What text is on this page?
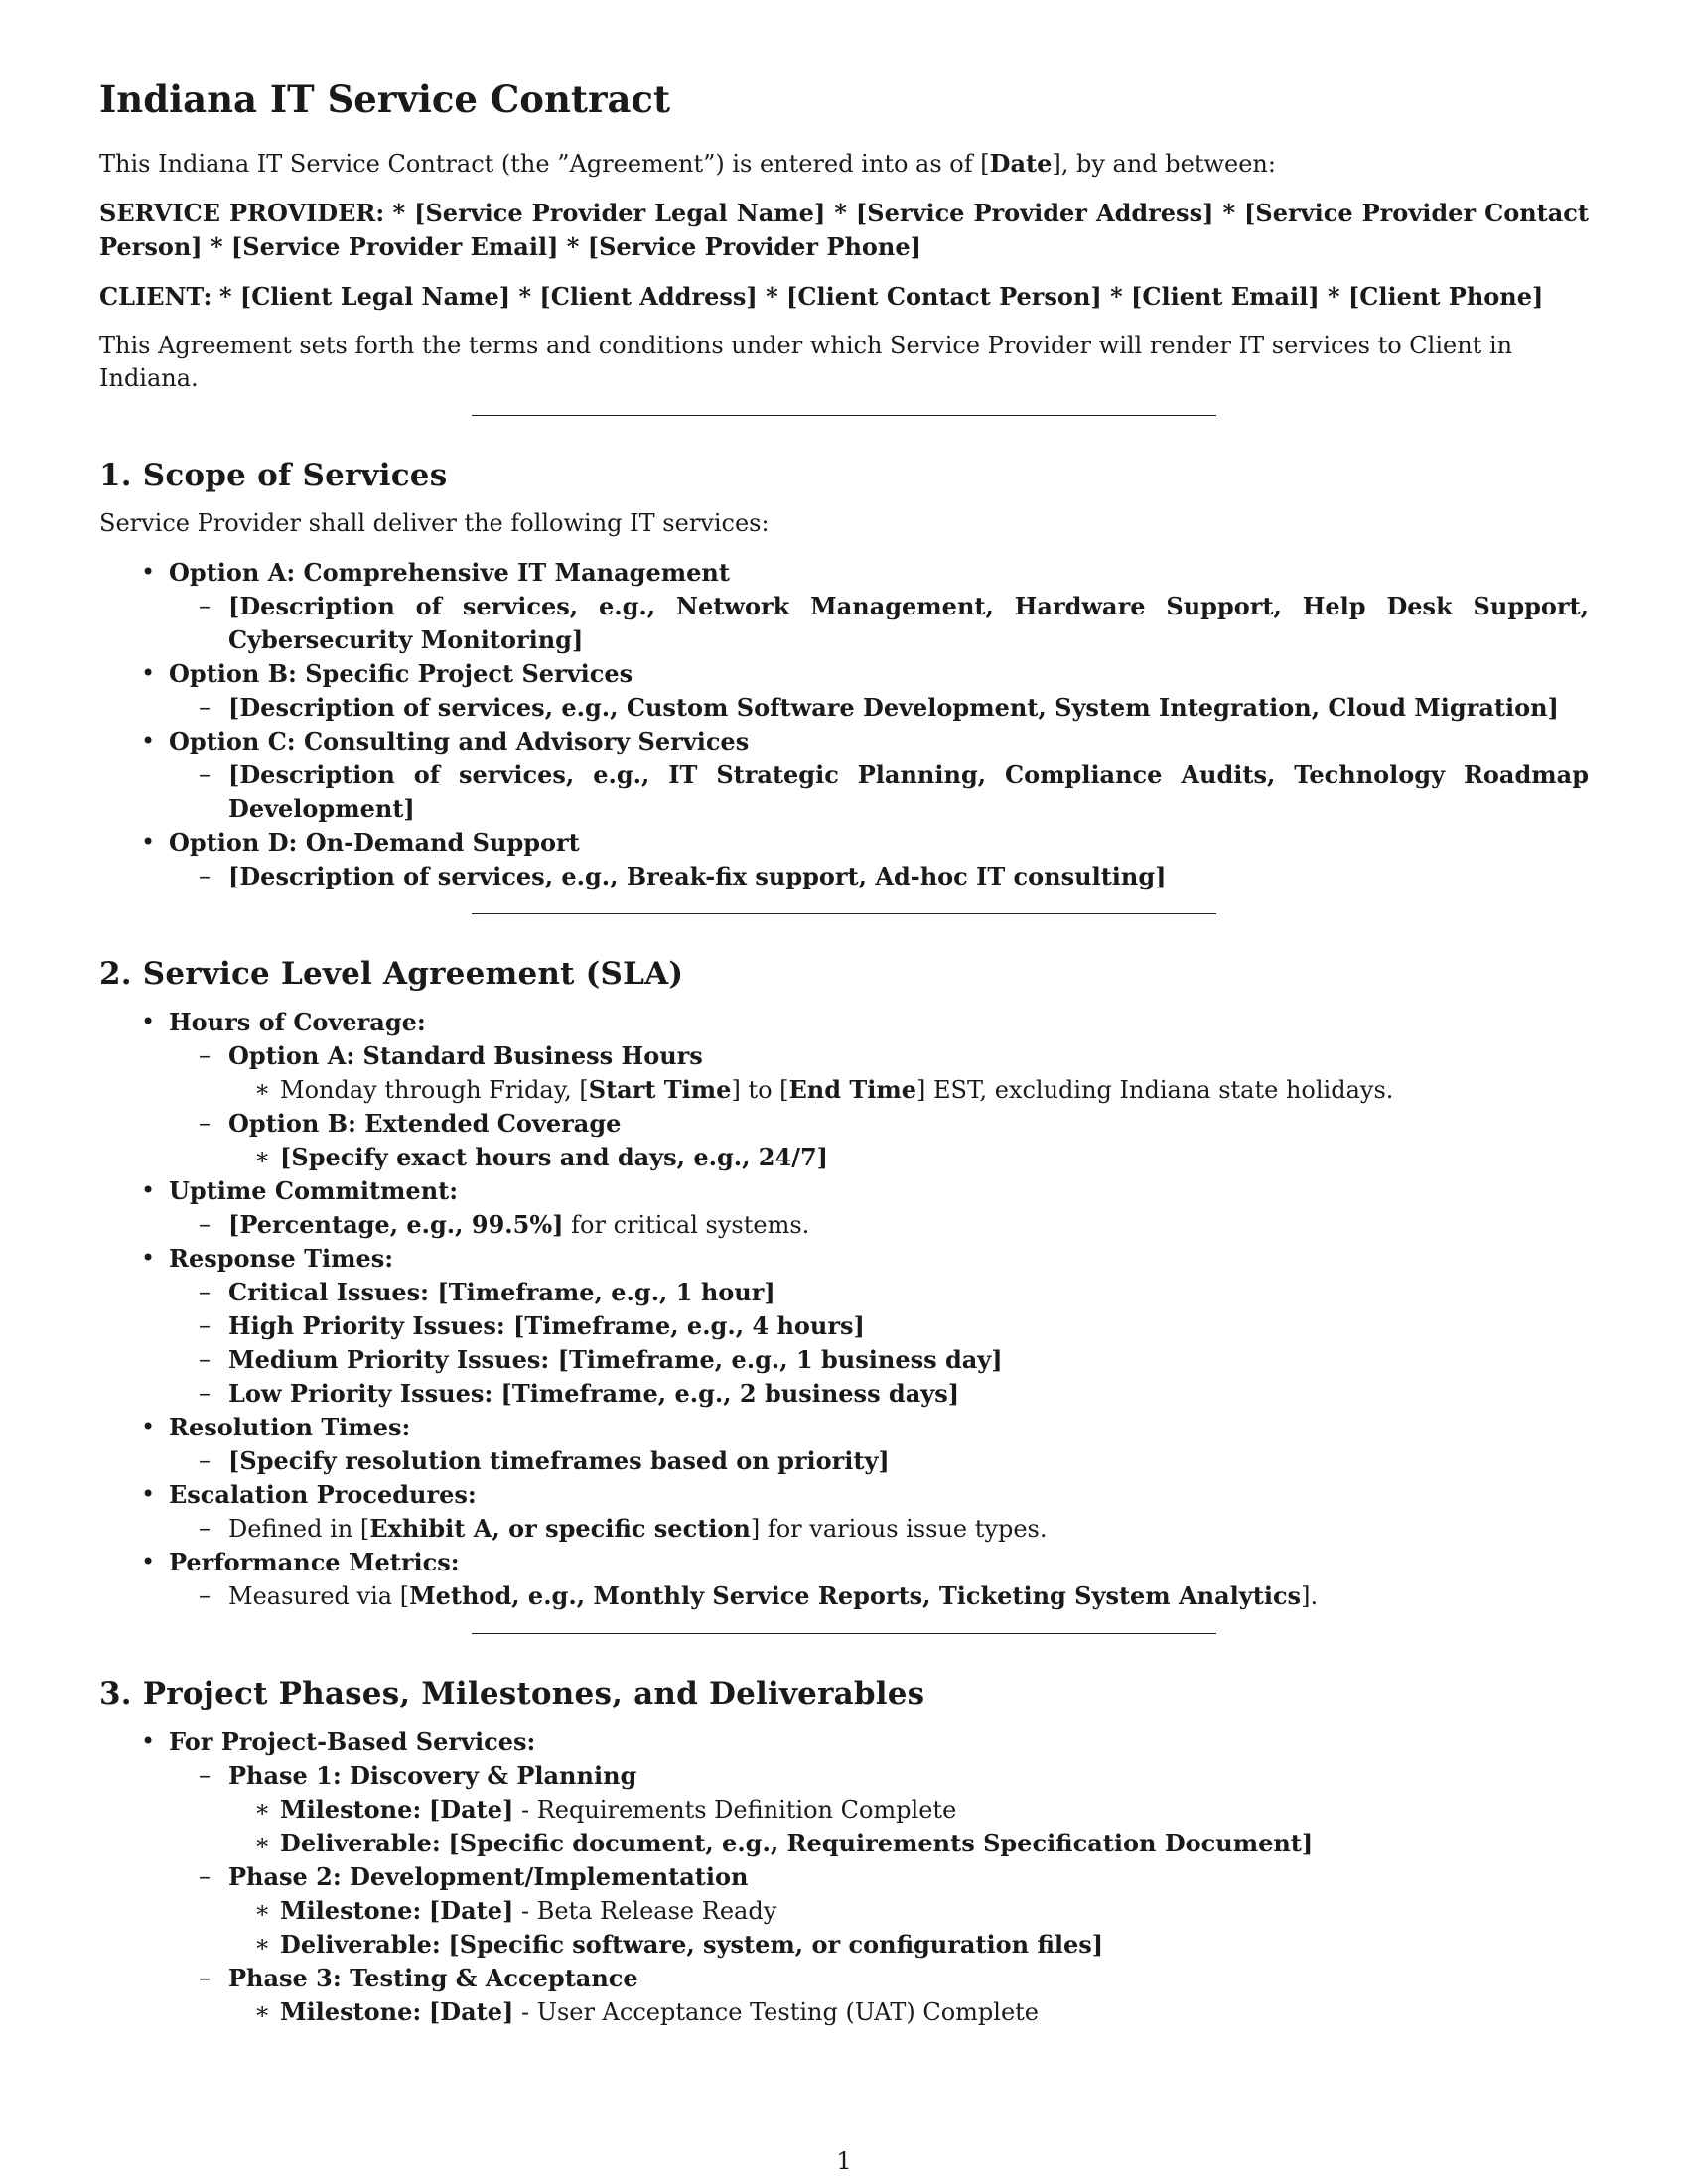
Indiana IT Service Contract

This Indiana IT Service Contract (the ”Agreement”) is entered into as of [Date], by and between:

SERVICE PROVIDER: * [Service Provider Legal Name] * [Service Provider Address] * [Service Provider Contact Person] * [Service Provider Email] * [Service Provider Phone]

CLIENT: * [Client Legal Name] * [Client Address] * [Client Contact Person] * [Client Email] * [Client Phone]

This Agreement sets forth the terms and conditions under which Service Provider will render IT services to Client in Indiana.

1. Scope of Services

Service Provider shall deliver the following IT services:

• Option A: Comprehensive IT Management
– [Description of services, e.g., Network Management, Hardware Support, Help Desk Support, Cybersecurity Monitoring]
• Option B: Specific Project Services
– [Description of services, e.g., Custom Software Development, System Integration, Cloud Migration]
• Option C: Consulting and Advisory Services
– [Description of services, e.g., IT Strategic Planning, Compliance Audits, Technology Roadmap Development]
• Option D: On-Demand Support
– [Description of services, e.g., Break-fix support, Ad-hoc IT consulting]
2. Service Level Agreement (SLA)
• Hours of Coverage:
– Option A: Standard Business Hours
∗ Monday through Friday, [Start Time] to [End Time] EST, excluding Indiana state holidays.
– Option B: Extended Coverage
∗ [Specify exact hours and days, e.g., 24/7]
• Uptime Commitment:
– [Percentage, e.g., 99.5%] for critical systems.
• Response Times:
– Critical Issues: [Timeframe, e.g., 1 hour]
– High Priority Issues: [Timeframe, e.g., 4 hours]
– Medium Priority Issues: [Timeframe, e.g., 1 business day]
– Low Priority Issues: [Timeframe, e.g., 2 business days]
• Resolution Times:
– [Specify resolution timeframes based on priority]
• Escalation Procedures:
– Defined in [Exhibit A, or specific section] for various issue types.
• Performance Metrics:
– Measured via [Method, e.g., Monthly Service Reports, Ticketing System Analytics].
3. Project Phases, Milestones, and Deliverables
• For Project-Based Services:
– Phase 1: Discovery & Planning
∗ Milestone: [Date] - Requirements Definition Complete
∗ Deliverable: [Specific document, e.g., Requirements Specification Document]
– Phase 2: Development/Implementation
∗ Milestone: [Date] - Beta Release Ready
∗ Deliverable: [Specific software, system, or configuration files]
– Phase 3: Testing & Acceptance
∗ Milestone: [Date] - User Acceptance Testing (UAT) Complete
1
